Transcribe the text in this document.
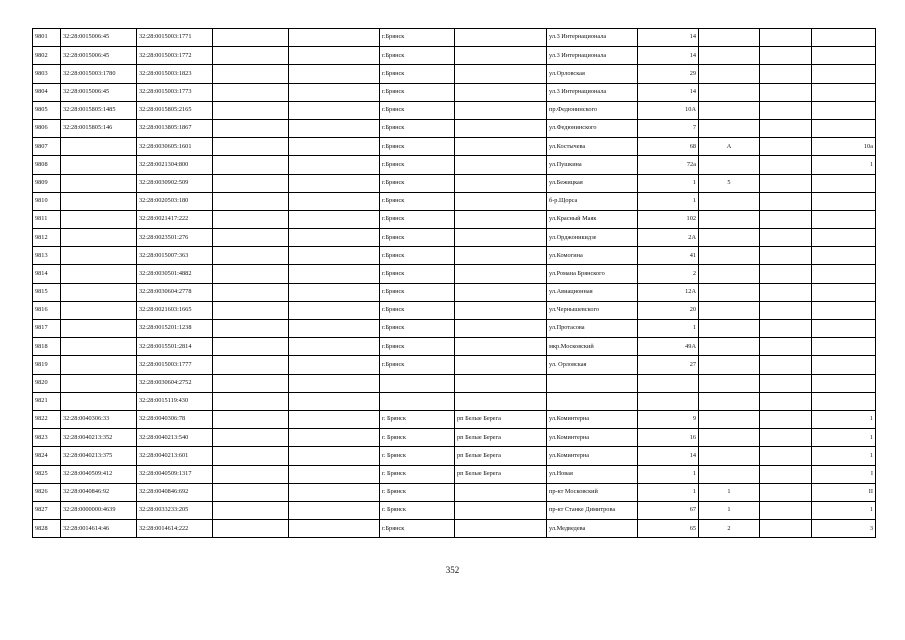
9801	32:28:0015006:45	32:28:0015003:1771			г.Брянск		ул.3 Интернационала	14			
9802	32:28:0015006:45	32:28:0015003:1772			г.Брянск		ул.3 Интернационала	14			
9803	32:28:0015003:1780	32:28:0015003:1823			г.Брянск		ул.Орловская	29			
9804	32:28:0015006:45	32:28:0015003:1773			г.Брянск		ул.3 Интернационала	14			
9805	32:28:0015805:1485	32:28:0015805:2165			г.Брянск		пр.Федюнинского	10А			
9806	32:28:0015805:146	32:28:0013805:1867			г.Брянск		ул.Федюнинского	7			
9807		32:28:0030605:1601			г.Брянск		ул.Костычева	68	А		10а
9808		32:28:0021304:800			г.Брянск		ул.Пушкина	72а			1
9809		32:28:0030902:509			г.Брянск		ул.Бежицкая	1	5		
9810		32:28:0020503:180			г.Брянск		б-р.Щорса	1			
9811		32:28:0021417:222			г.Брянск		ул.Красный Маяк	102			
9812		32:28:0023501:276			г.Брянск		ул.Орджоникидзе	2А			
9813		32:28:0015007:363			г.Брянск		ул.Комогина	41			
9814		32:28:0030501:4882			г.Брянск		ул.Романа Брянского	2			
9815		32:28:0030604:2778			г.Брянск		ул.Авиационная	12А			
9816		32:28:0021603:1665			г.Брянск		ул.Чернышевского	20			
9817		32:28:0015201:1238			г.Брянск		ул.Протасова	1			
9818		32:28:0015501:2814			г.Брянск		мкр.Московский	49А			
9819		32:28:0015003:1777			г.Брянск		ул. Орловская	27			
9820		32:28:0030604:2752									
9821		32:28:0015119:430									
9822	32:28:0040306:33	32:28:0040306:78			г. Брянск	рп Белые Берега	ул.Коминтерна	9			1
9823	32:28:0040213:352	32:28:0040213:540			г. Брянск	рп Белые Берега	ул.Коминтерна	16			1
9824	32:28:0040213:375	32:28:0040213:601			г. Брянск	рп Белые Берега	ул.Коминтерна	14			1
9825	32:28:0040509:412	32:28:0040509:1317			г. Брянск	рп Белые Берега	ул.Новая	1			I
9826	32:28:0040846:92	32:28:0040846:692			г. Брянск		пр-кт Московский	1	1		II
9827	32:28:0000000:4639	32:28:0033233:205			г. Брянск		пр-кт Станке Димитрова	67	1		1
9828	32:28:0014614:46	32:28:0014614:222			г.Брянск		ул.Медведева	65	2		3
352
